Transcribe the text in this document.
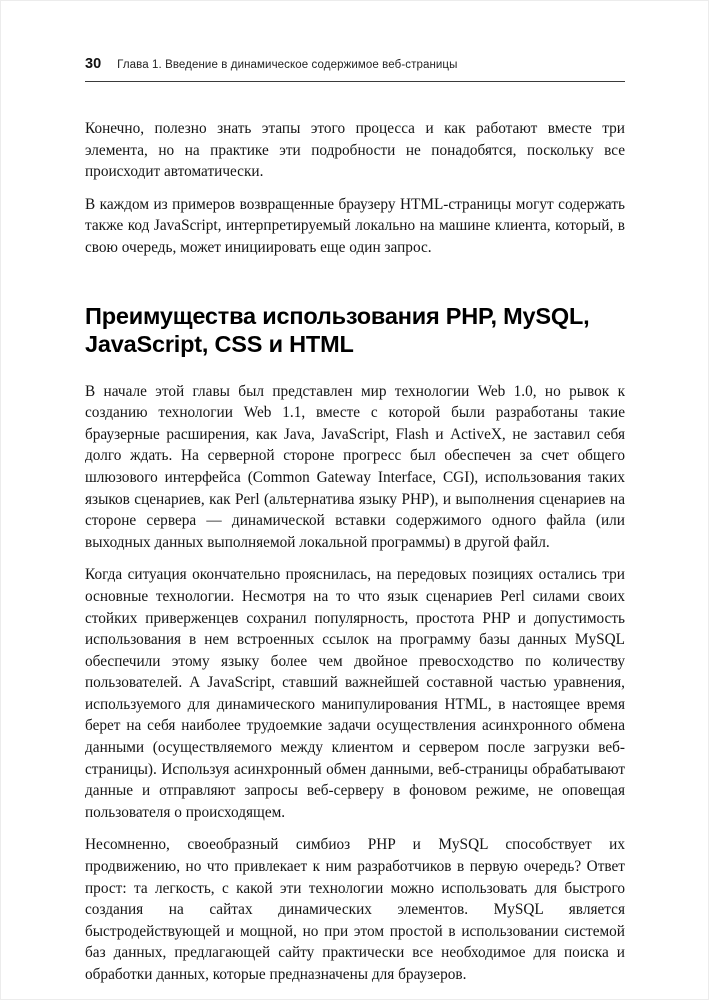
30 Глава 1. Введение в динамическое содержимое веб-страницы

Конечно, полезно знать этапы этого процесса и как работают вместе три элемента, но на практике эти подробности не понадобятся, поскольку все происходит автоматически.

В каждом из примеров возвращенные браузеру HTML-страницы могут содержать также код JavaScript, интерпретируемый локально на машине клиента, который, в свою очередь, может инициировать еще один запрос.

Преимущества использования PHP, MySQL, JavaScript, CSS и HTML

В начале этой главы был представлен мир технологии Web 1.0, но рывок к созданию технологии Web 1.1, вместе с которой были разработаны такие браузерные расширения, как Java, JavaScript, Flash и ActiveX, не заставил себя долго ждать. На серверной стороне прогресс был обеспечен за счет общего шлюзового интерфейса (Common Gateway Interface, CGI), использования таких языков сценариев, как Perl (альтернатива языку PHP), и выполнения сценариев на стороне сервера — динамической вставки содержимого одного файла (или выходных данных выполняемой локальной программы) в другой файл.

Когда ситуация окончательно прояснилась, на передовых позициях остались три основные технологии. Несмотря на то что язык сценариев Perl силами своих стойких приверженцев сохранил популярность, простота PHP и допустимость использования в нем встроенных ссылок на программу базы данных MySQL обеспечили этому языку более чем двойное превосходство по количеству пользователей. А JavaScript, ставший важнейшей составной частью уравнения, используемого для динамического манипулирования HTML, в настоящее время берет на себя наиболее трудоемкие задачи осуществления асинхронного обмена данными (осуществляемого между клиентом и сервером после загрузки веб-страницы). Используя асинхронный обмен данными, веб-страницы обрабатывают данные и отправляют запросы веб-серверу в фоновом режиме, не оповещая пользователя о происходящем.

Несомненно, своеобразный симбиоз PHP и MySQL способствует их продвижению, но что привлекает к ним разработчиков в первую очередь? Ответ прост: та легкость, с какой эти технологии можно использовать для быстрого создания на сайтах динамических элементов. MySQL является быстродействующей и мощной, но при этом простой в использовании системой баз данных, предлагающей сайту практически все необходимое для поиска и обработки данных, которые предназначены для браузеров.
